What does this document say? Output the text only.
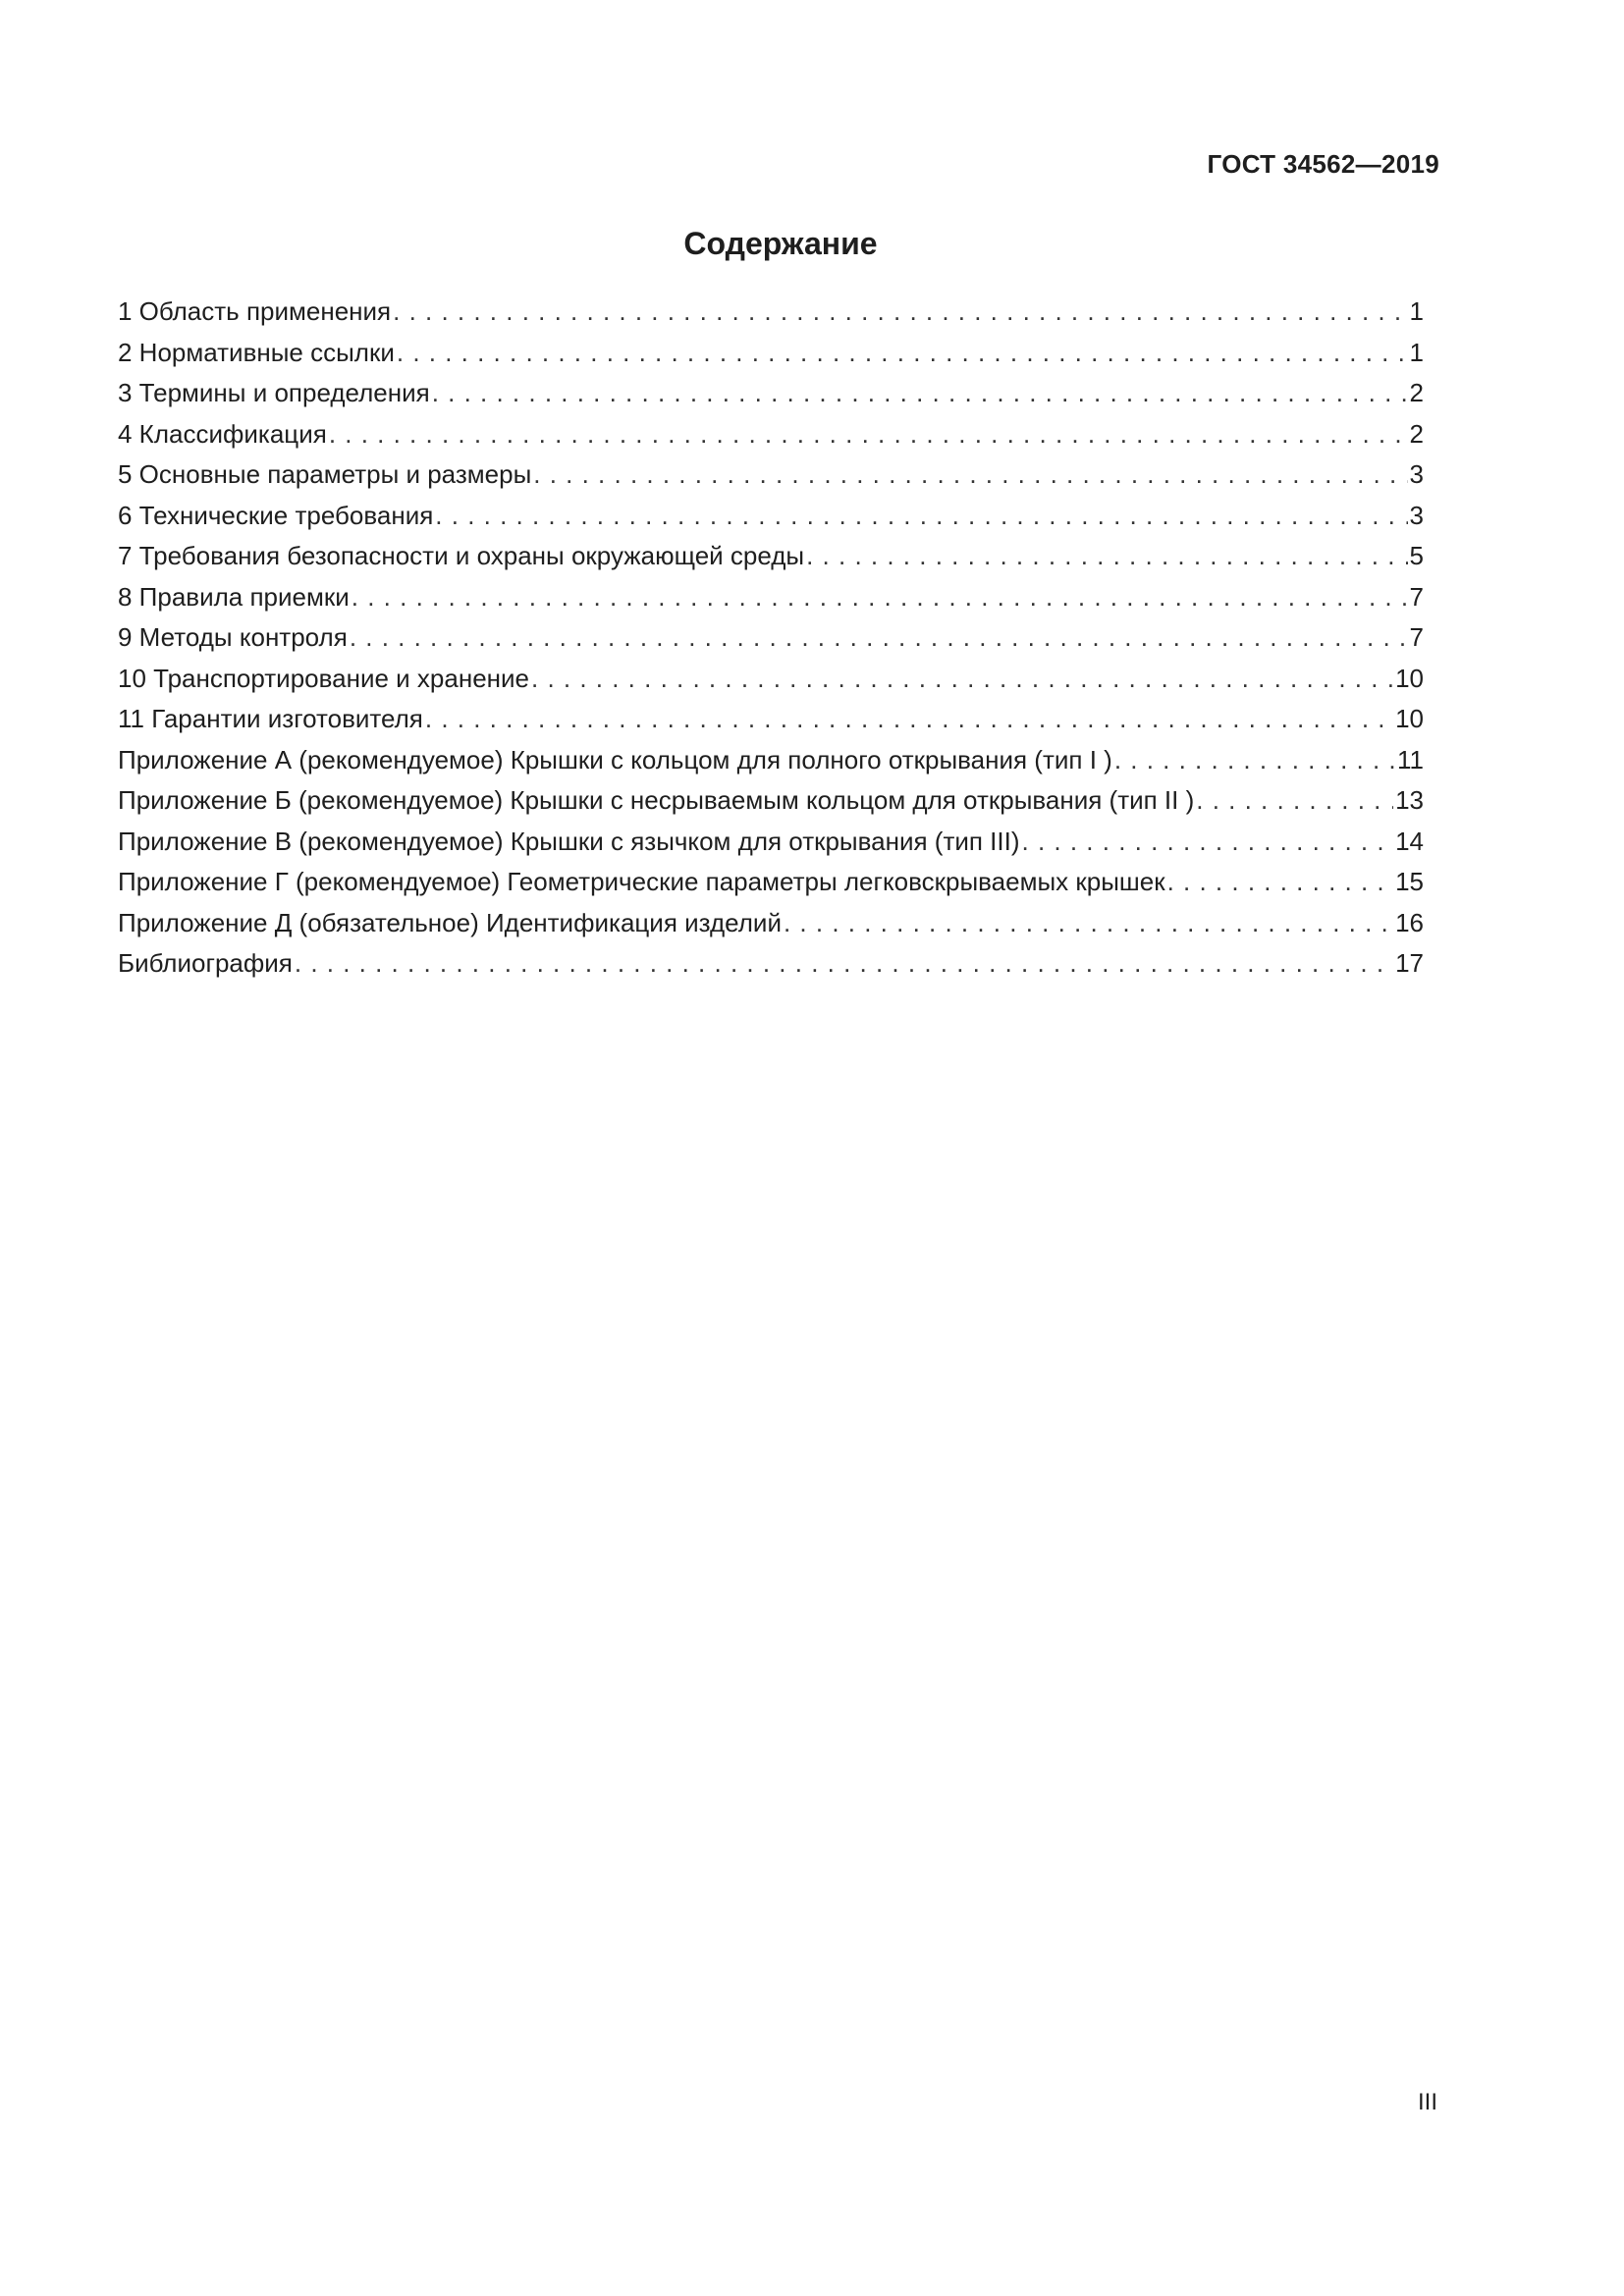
ГОСТ 34562—2019
Содержание
1 Область применения . . .	1
2 Нормативные ссылки . . .	1
3 Термины и определения . . .	2
4 Классификация . . .	2
5 Основные параметры и размеры . . .	3
6 Технические требования . . .	3
7 Требования безопасности и охраны окружающей среды . . .	5
8 Правила приемки . . .	7
9 Методы контроля . . .	7
10 Транспортирование и хранение . . .	10
11 Гарантии изготовителя . . .	10
Приложение А (рекомендуемое) Крышки с кольцом для полного открывания (тип I ) . . .	11
Приложение Б (рекомендуемое) Крышки с несрываемым кольцом для открывания (тип II ) . . .	13
Приложение В (рекомендуемое) Крышки с язычком для открывания (тип III) . . .	14
Приложение Г (рекомендуемое) Геометрические параметры легковскрываемых крышек . . .	15
Приложение Д (обязательное) Идентификация изделий . . .	16
Библиография . . .	17
III
